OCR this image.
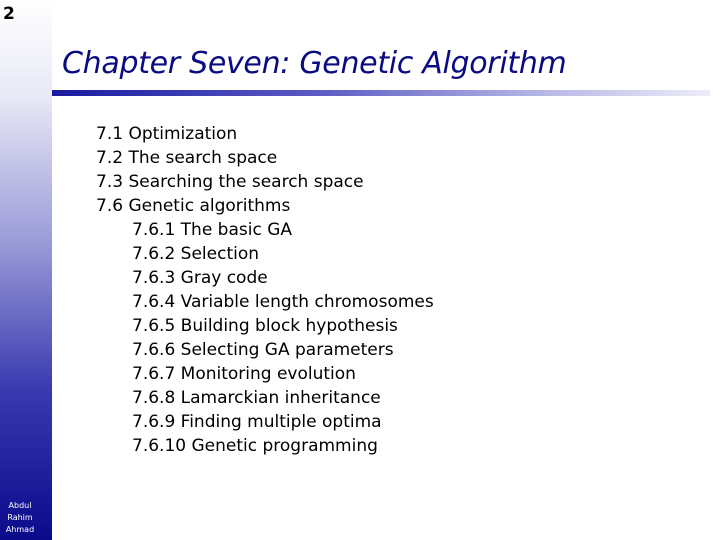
2
Abdul
Rahim
Ahmad
Chapter Seven: Genetic Algorithm
7.1 Optimization
7.2 The search space
7.3 Searching the search space
7.6 Genetic algorithms
7.6.1 The basic GA
7.6.2 Selection
7.6.3 Gray code
7.6.4 Variable length chromosomes
7.6.5 Building block hypothesis
7.6.6 Selecting GA parameters
7.6.7 Monitoring evolution
7.6.8 Lamarckian inheritance
7.6.9 Finding multiple optima
7.6.10 Genetic programming
